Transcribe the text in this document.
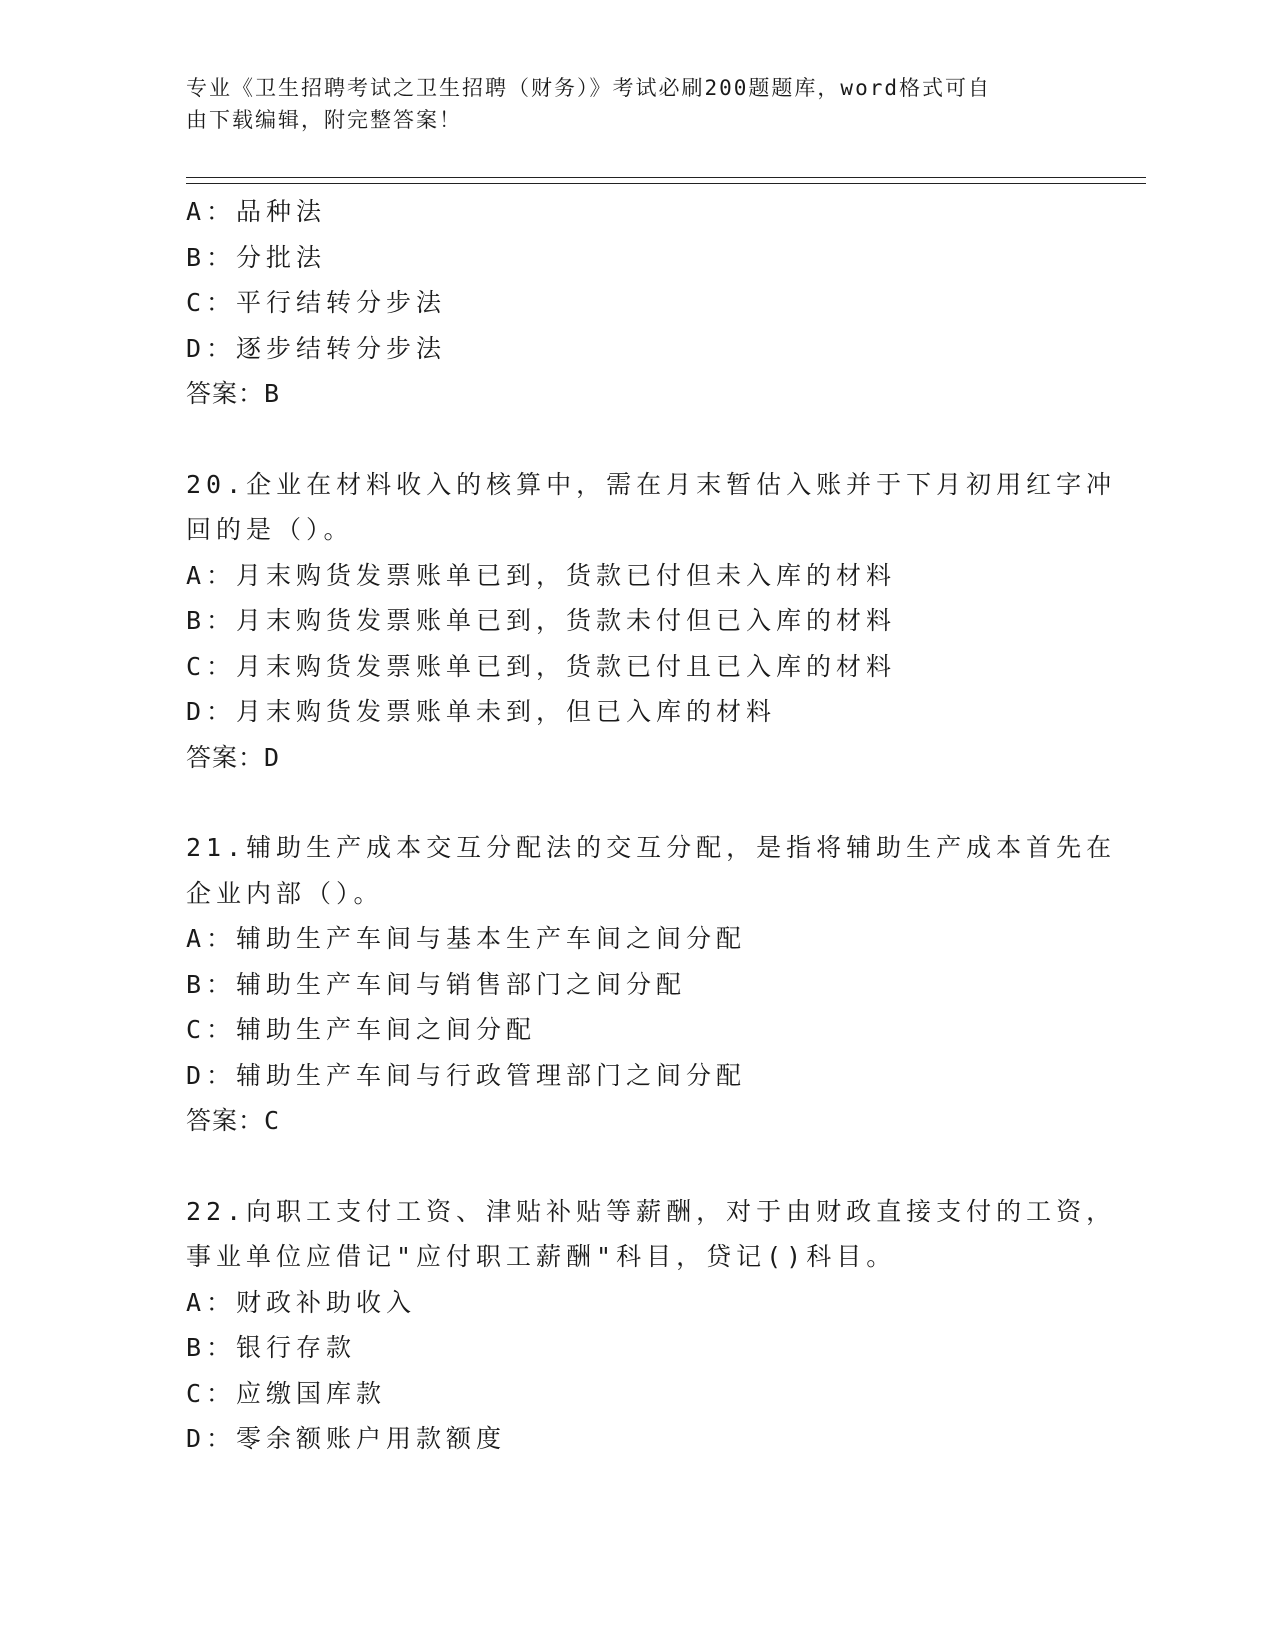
专业《卫生招聘考试之卫生招聘（财务）》考试必刷200题题库，word格式可自
由下载编辑，附完整答案！
A：品种法
B：分批法
C：平行结转分步法
D：逐步结转分步法
答案：B
20.企业在材料收入的核算中，需在月末暂估入账并于下月初用红字冲
回的是（）。
A：月末购货发票账单已到，货款已付但未入库的材料
B：月末购货发票账单已到，货款未付但已入库的材料
C：月末购货发票账单已到，货款已付且已入库的材料
D：月末购货发票账单未到，但已入库的材料
答案：D
21.辅助生产成本交互分配法的交互分配，是指将辅助生产成本首先在
企业内部（）。
A：辅助生产车间与基本生产车间之间分配
B：辅助生产车间与销售部门之间分配
C：辅助生产车间之间分配
D：辅助生产车间与行政管理部门之间分配
答案：C
22.向职工支付工资、津贴补贴等薪酬，对于由财政直接支付的工资，
事业单位应借记"应付职工薪酬"科目，贷记()科目。
A：财政补助收入
B：银行存款
C：应缴国库款
D：零余额账户用款额度
